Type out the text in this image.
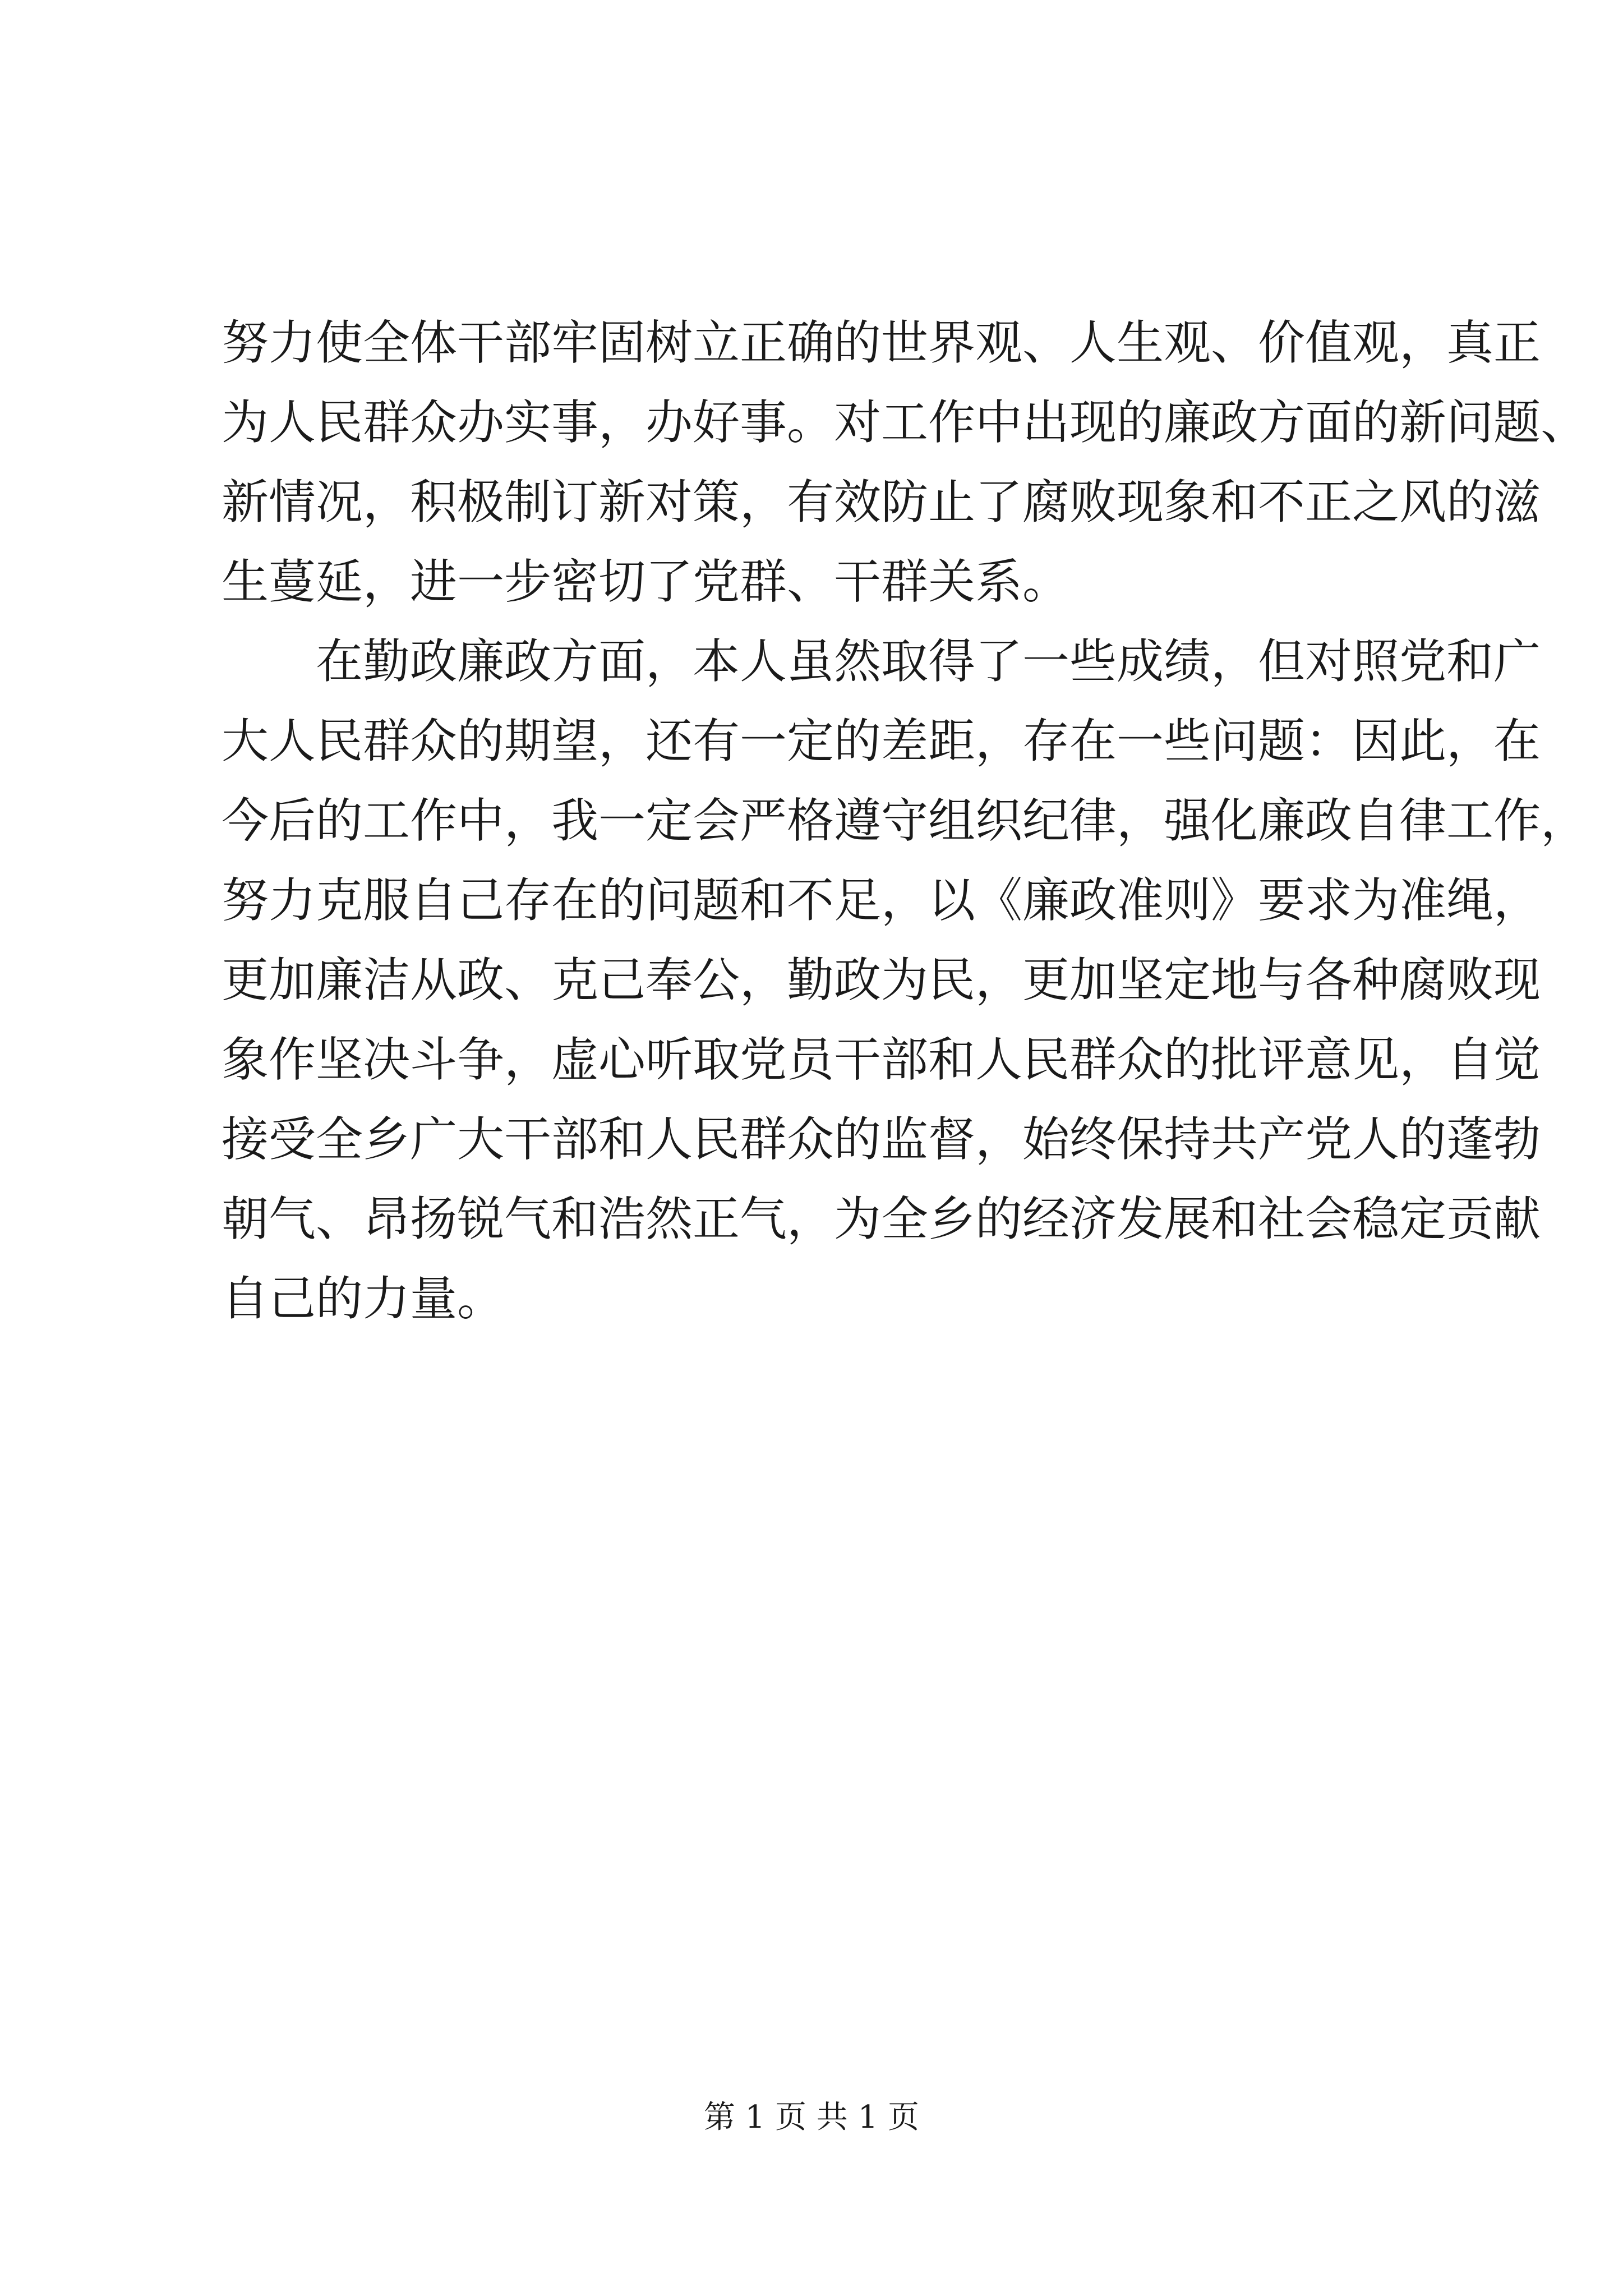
努力使全体干部牢固树立正确的世界观、人生观、价值观，真正
为人民群众办实事，办好事。对工作中出现的廉政方面的新问题、
新情况，积极制订新对策，有效防止了腐败现象和不正之风的滋
生蔓延，进一步密切了党群、干群关系。
在勤政廉政方面，本人虽然取得了一些成绩，但对照党和广
大人民群众的期望，还有一定的差距，存在一些问题：因此，在
今后的工作中，我一定会严格遵守组织纪律，强化廉政自律工作，
努力克服自己存在的问题和不足，以《廉政准则》要求为准绳，
更加廉洁从政、克己奉公，勤政为民，更加坚定地与各种腐败现
象作坚决斗争，虚心听取党员干部和人民群众的批评意见，自觉
接受全乡广大干部和人民群众的监督，始终保持共产党人的蓬勃
朝气、昂扬锐气和浩然正气，为全乡的经济发展和社会稳定贡献
自己的力量。
第 1 页 共 1 页
